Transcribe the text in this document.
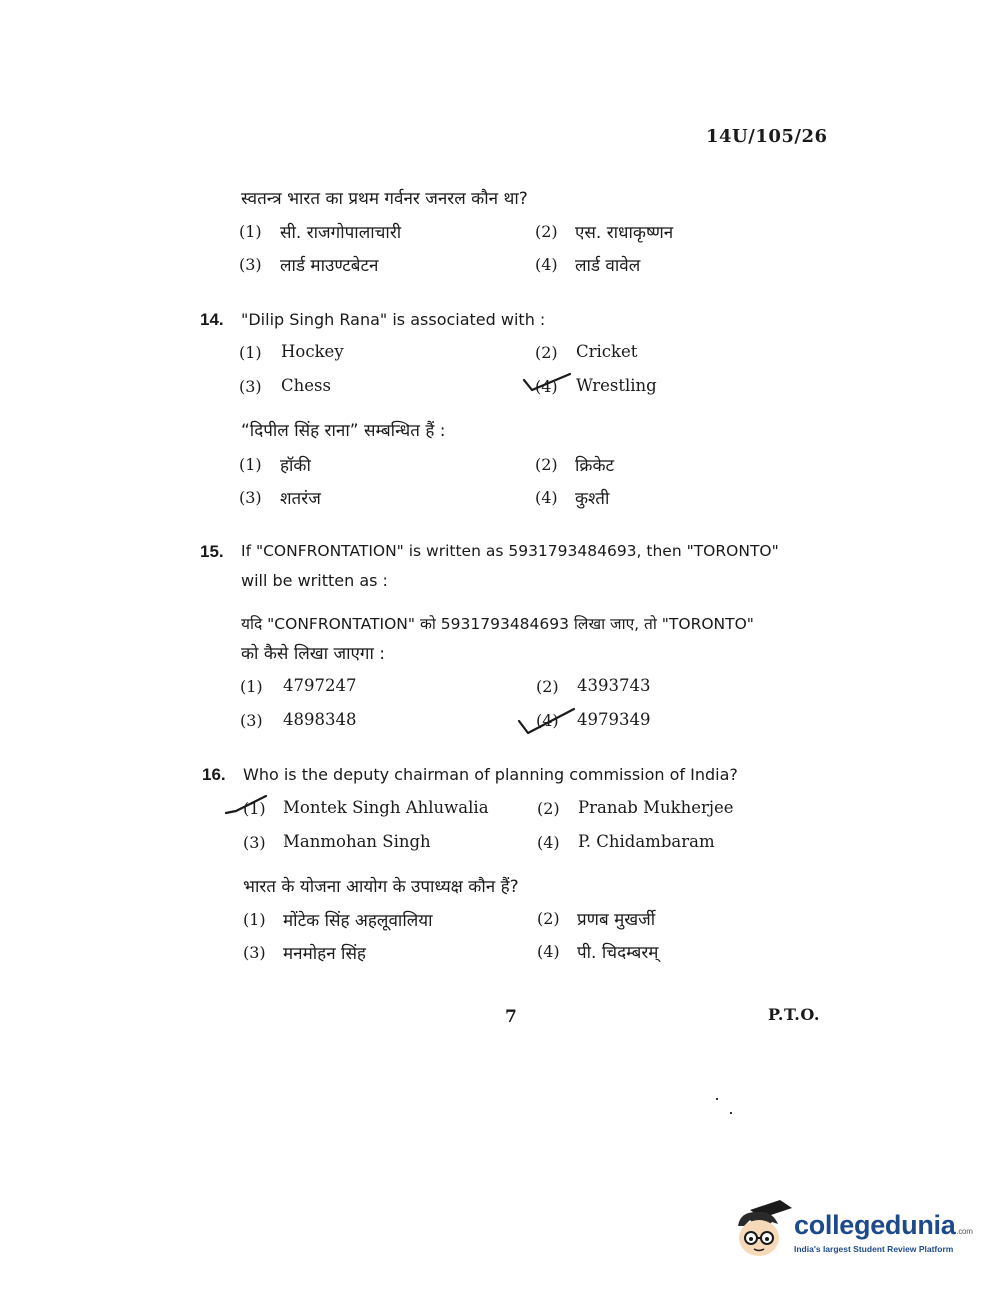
14U/105/26
स्वतन्त्र भारत का प्रथम गर्वनर जनरल कौन था?
(1) सी. राजगोपालाचारी	(2) एस. राधाकृष्णन
(3) लार्ड माउण्टबेटन	(4) लार्ड वावेल
14. "Dilip Singh Rana" is associated with :
(1) Hockey	(2) Cricket
(3) Chess	(4) Wrestling
“दिपील सिंह राना” सम्बन्धित हैं :
(1) हॉकी	(2) क्रिकेट
(3) शतरंज	(4) कुश्ती
15. If "CONFRONTATION" is written as 5931793484693, then "TORONTO"
will be written as :
यदि "CONFRONTATION" को 5931793484693 लिखा जाए, तो "TORONTO"
को कैसे लिखा जाएगा :
(1) 4797247	(2) 4393743
(3) 4898348	(4) 4979349
16. Who is the deputy chairman of planning commission of India?
(1) Montek Singh Ahluwalia	(2) Pranab Mukherjee
(3) Manmohan Singh	(4) P. Chidambaram
भारत के योजना आयोग के उपाध्यक्ष कौन हैं?
(1) मोंटेक सिंह अहलूवालिया	(2) प्रणब मुखर्जी
(3) मनमोहन सिंह	(4) पी. चिदम्बरम्
7	P.T.O.
collegedunia.com
India's largest Student Review Platform
